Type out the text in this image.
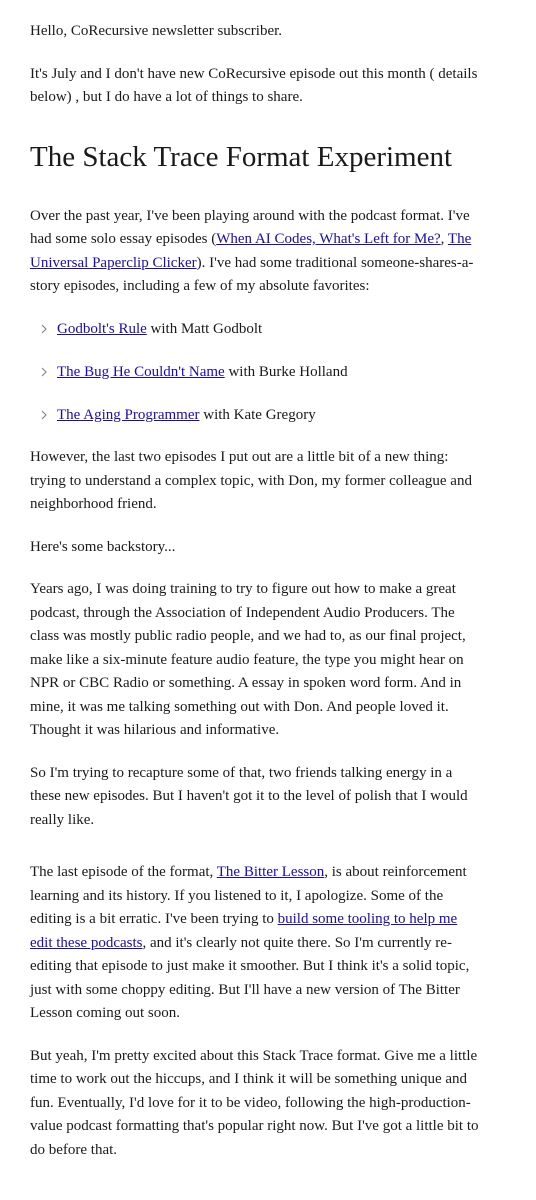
Hello, CoRecursive newsletter subscriber.

It's July and I don't have new CoRecursive episode out this month ( details below) , but I do have a lot of things to share.

The Stack Trace Format Experiment

Over the past year, I've been playing around with the podcast format. I've had some solo essay episodes (When AI Codes, What's Left for Me?, The Universal Paperclip Clicker). I've had some traditional someone-shares-a-story episodes, including a few of my absolute favorites:

Godbolt's Rule with Matt Godbolt
The Bug He Couldn't Name with Burke Holland
The Aging Programmer with Kate Gregory

However, the last two episodes I put out are a little bit of a new thing: trying to understand a complex topic, with Don, my former colleague and neighborhood friend.

Here's some backstory...

Years ago, I was doing training to try to figure out how to make a great podcast, through the Association of Independent Audio Producers. The class was mostly public radio people, and we had to, as our final project, make like a six-minute feature audio feature, the type you might hear on NPR or CBC Radio or something. A essay in spoken word form. And in mine, it was me talking something out with Don. And people loved it. Thought it was hilarious and informative.

So I'm trying to recapture some of that, two friends talking energy in a these new episodes. But I haven't got it to the level of polish that I would really like.

The last episode of the format, The Bitter Lesson, is about reinforcement learning and its history. If you listened to it, I apologize. Some of the editing is a bit erratic. I've been trying to build some tooling to help me edit these podcasts, and it's clearly not quite there. So I'm currently re-editing that episode to just make it smoother. But I think it's a solid topic, just with some choppy editing. But I'll have a new version of The Bitter Lesson coming out soon.

But yeah, I'm pretty excited about this Stack Trace format. Give me a little time to work out the hiccups, and I think it will be something unique and fun. Eventually, I'd love for it to be video, following the high-production-value podcast formatting that's popular right now. But I've got a little bit to do before that.
